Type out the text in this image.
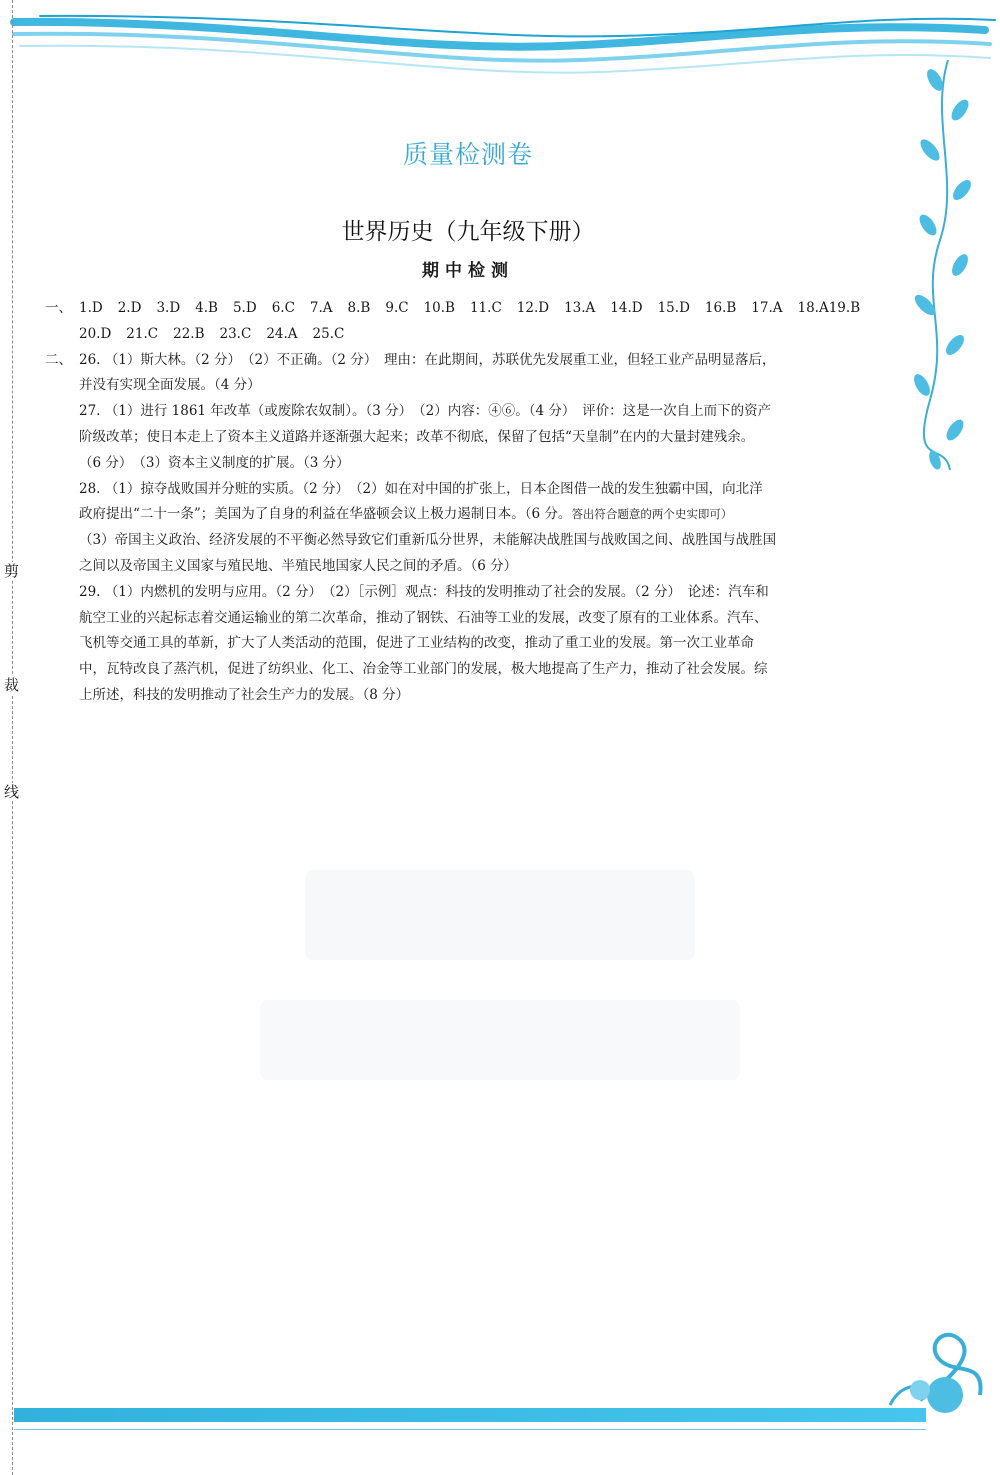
剪
裁
线
质量检测卷
世界历史（九年级下册）
期中检测
一、 1.D 2.D 3.D 4.B 5.D 6.C 7.A 8.B 9.C 10.B 11.C 12.D 13.A 14.D 15.D 16.B 17.A 18.A 19.B
20.D 21.C 22.B 23.C 24.A 25.C
二、 26. （1）斯大林。（2 分）　（2）不正确。（2 分）　理由：在此期间，苏联优先发展重工业，但轻工业产品明显落后，
并没有实现全面发展。（4 分）
27. （1）进行 1861 年改革（或废除农奴制）。（3 分）　（2）内容：④⑥。（4 分）　评价：这是一次自上而下的资产
阶级改革；使日本走上了资本主义道路并逐渐强大起来；改革不彻底，保留了包括“天皇制”在内的大量封建残余。
（6 分）　（3）资本主义制度的扩展。（3 分）
28. （1）掠夺战败国并分赃的实质。（2 分）　（2）如在对中国的扩张上，日本企图借一战的发生独霸中国，向北洋
政府提出“二十一条”；美国为了自身的利益在华盛顿会议上极力遏制日本。（6 分。答出符合题意的两个史实即可）
（3）帝国主义政治、经济发展的不平衡必然导致它们重新瓜分世界，未能解决战胜国与战败国之间、战胜国与战胜国
之间以及帝国主义国家与殖民地、半殖民地国家人民之间的矛盾。（6 分）
29. （1）内燃机的发明与应用。（2 分）　（2）［示例］观点：科技的发明推动了社会的发展。（2 分）　论述：汽车和
航空工业的兴起标志着交通运输业的第二次革命，推动了钢铁、石油等工业的发展，改变了原有的工业体系。汽车、
飞机等交通工具的革新，扩大了人类活动的范围，促进了工业结构的改变，推动了重工业的发展。第一次工业革命
中，瓦特改良了蒸汽机，促进了纺织业、化工、冶金等工业部门的发展，极大地提高了生产力，推动了社会发展。综
上所述，科技的发明推动了社会生产力的发展。（8 分）
